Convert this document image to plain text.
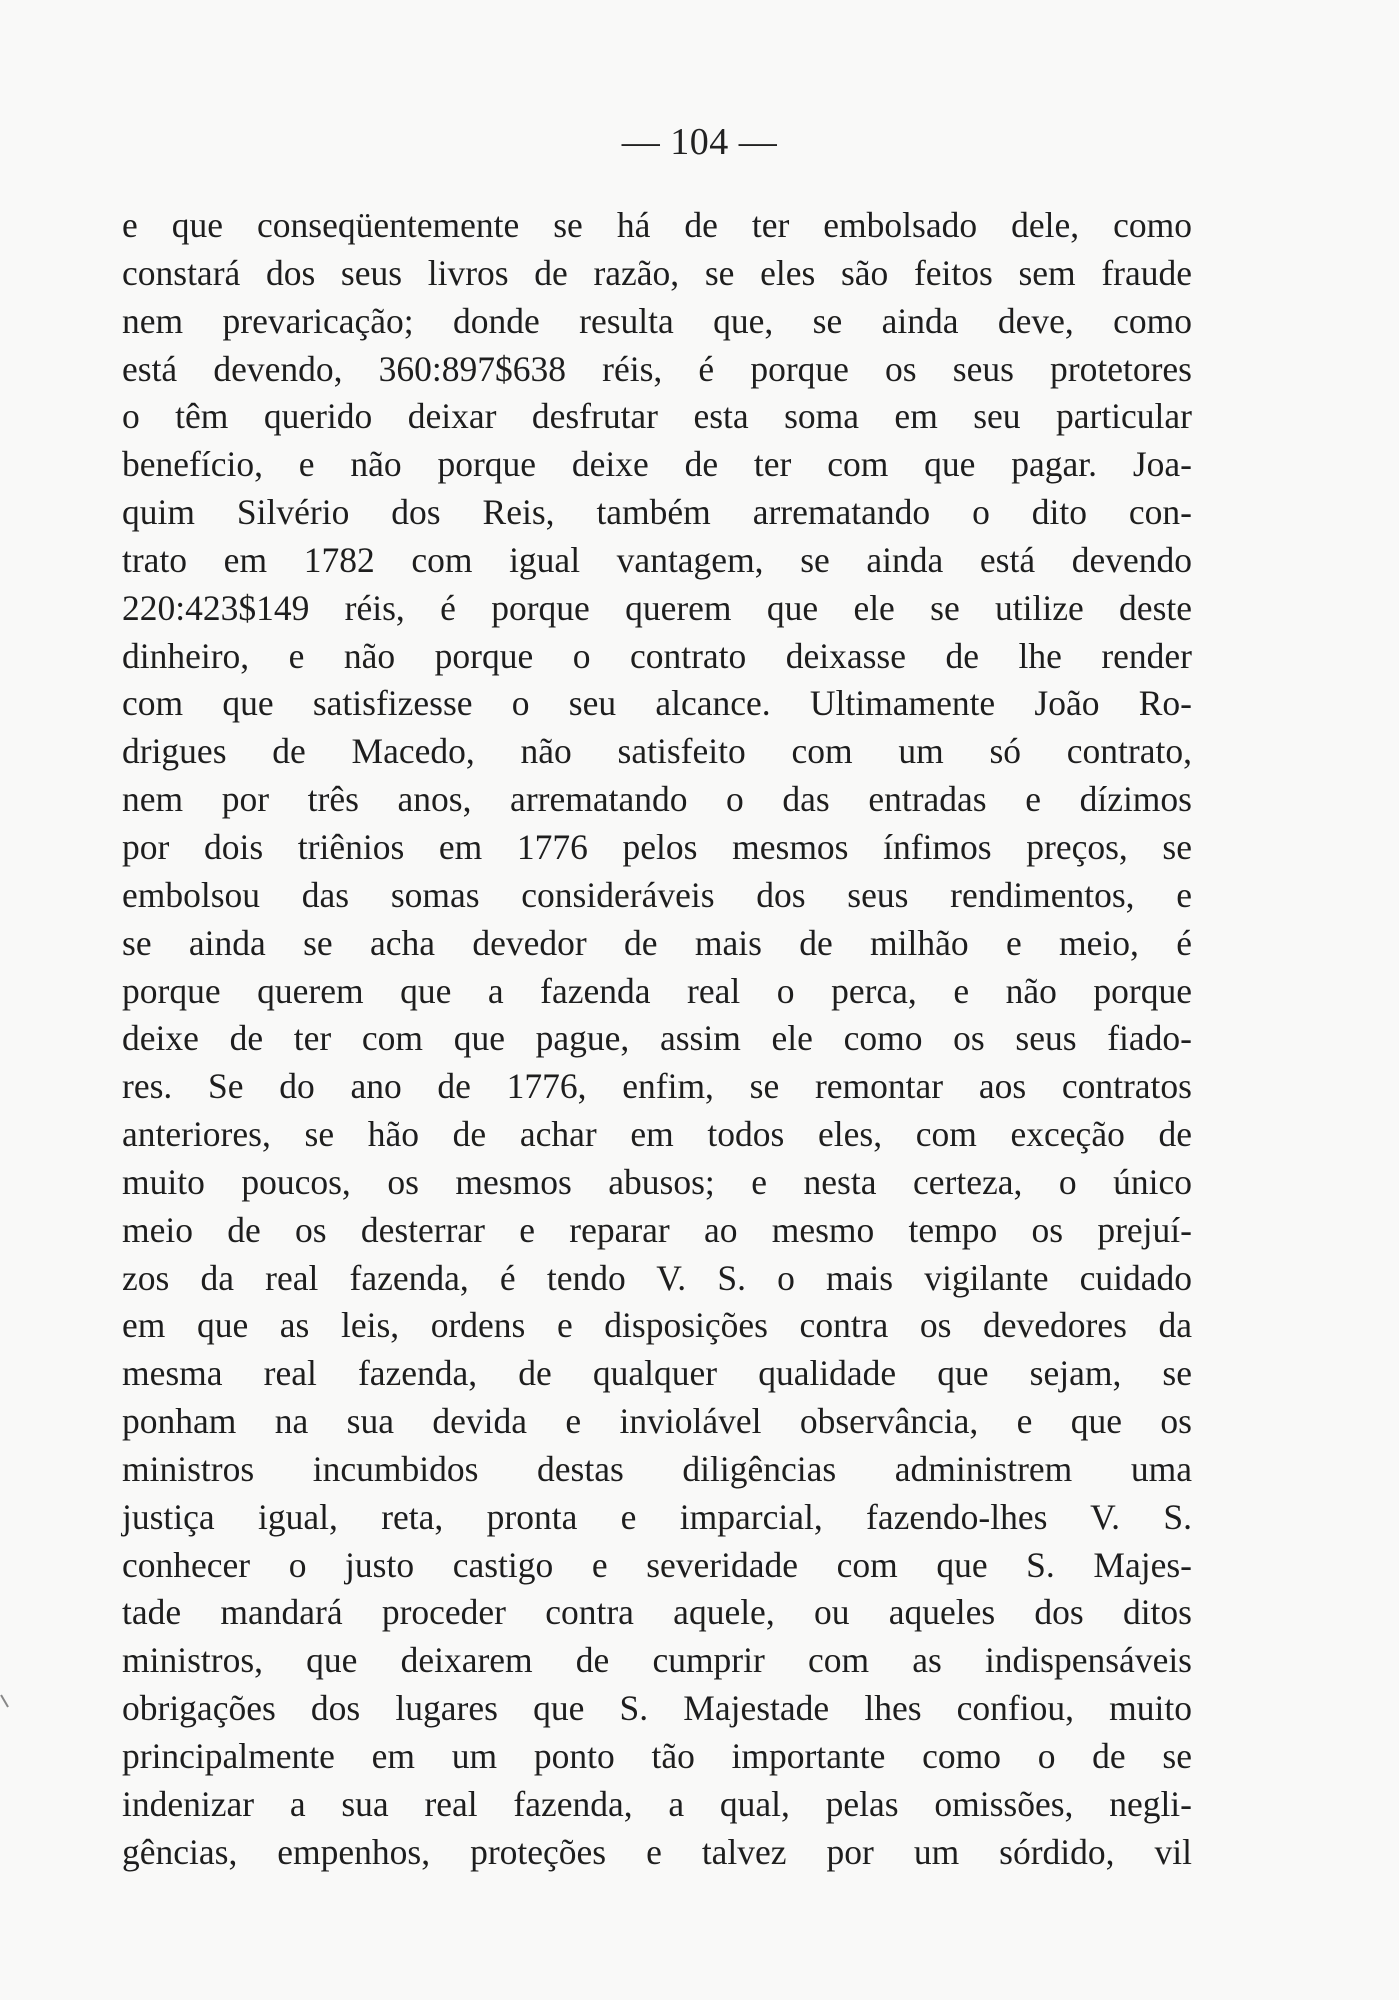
— 104 —
e que conseqüentemente se há de ter embolsado dele, como
constará dos seus livros de razão, se eles são feitos sem fraude
nem prevaricação; donde resulta que, se ainda deve, como
está devendo, 360:897$638 réis, é porque os seus protetores
o têm querido deixar desfrutar esta soma em seu particular
benefício, e não porque deixe de ter com que pagar. Joa-
quim Silvério dos Reis, também arrematando o dito con-
trato em 1782 com igual vantagem, se ainda está devendo
220:423$149 réis, é porque querem que ele se utilize deste
dinheiro, e não porque o contrato deixasse de lhe render
com que satisfizesse o seu alcance. Ultimamente João Ro-
drigues de Macedo, não satisfeito com um só contrato,
nem por três anos, arrematando o das entradas e dízimos
por dois triênios em 1776 pelos mesmos ínfimos preços, se
embolsou das somas consideráveis dos seus rendimentos, e
se ainda se acha devedor de mais de milhão e meio, é
porque querem que a fazenda real o perca, e não porque
deixe de ter com que pague, assim ele como os seus fiado-
res. Se do ano de 1776, enfim, se remontar aos contratos
anteriores, se hão de achar em todos eles, com exceção de
muito poucos, os mesmos abusos; e nesta certeza, o único
meio de os desterrar e reparar ao mesmo tempo os prejuí-
zos da real fazenda, é tendo V. S. o mais vigilante cuidado
em que as leis, ordens e disposições contra os devedores da
mesma real fazenda, de qualquer qualidade que sejam, se
ponham na sua devida e inviolável observância, e que os
ministros incumbidos destas diligências administrem uma
justiça igual, reta, pronta e imparcial, fazendo-lhes V. S.
conhecer o justo castigo e severidade com que S. Majes-
tade mandará proceder contra aquele, ou aqueles dos ditos
ministros, que deixarem de cumprir com as indispensáveis
obrigações dos lugares que S. Majestade lhes confiou, muito
principalmente em um ponto tão importante como o de se
indenizar a sua real fazenda, a qual, pelas omissões, negli-
gências, empenhos, proteções e talvez por um sórdido, vil
